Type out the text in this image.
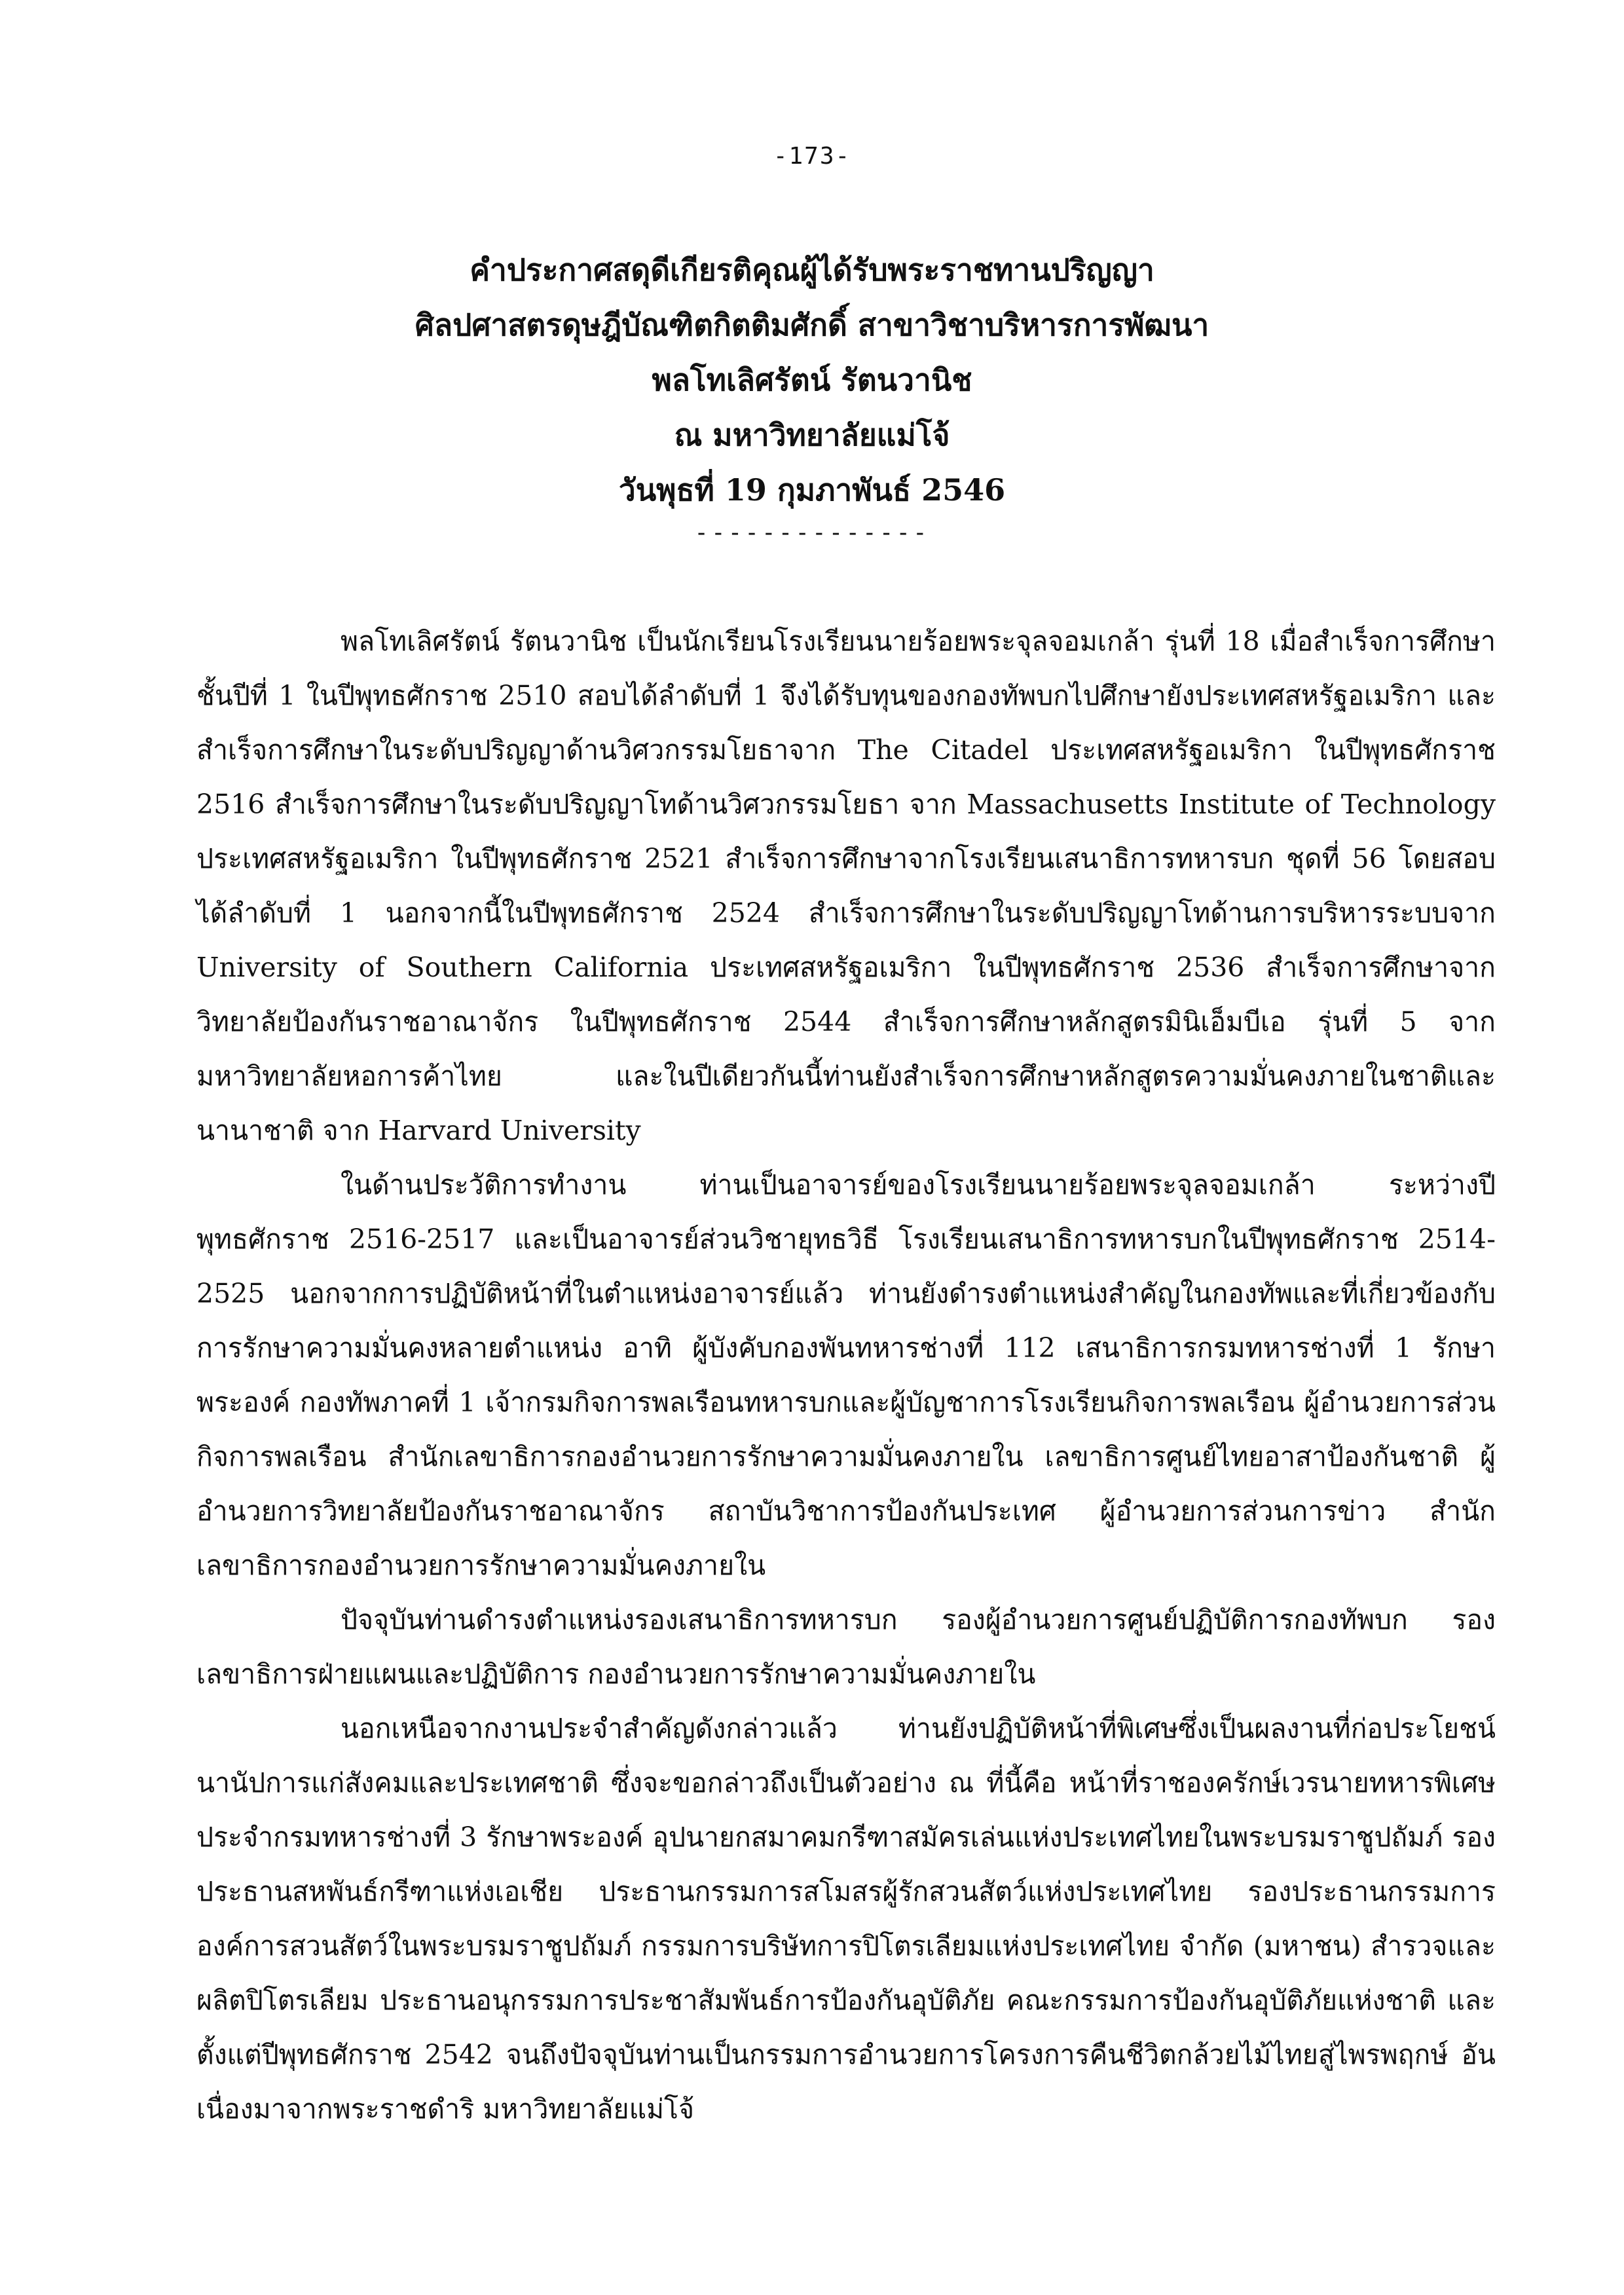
-173-
คำประกาศสดุดีเกียรติคุณผู้ได้รับพระราชทานปริญญา
ศิลปศาสตรดุษฎีบัณฑิตกิตติมศักดิ์ สาขาวิชาบริหารการพัฒนา
พลโทเลิศรัตน์ รัตนวานิช
ณ มหาวิทยาลัยแม่โจ้
วันพุธที่ 19 กุมภาพันธ์ 2546
--------------

พลโทเลิศรัตน์ รัตนวานิช เป็นนักเรียนโรงเรียนนายร้อยพระจุลจอมเกล้า รุ่นที่ 18 เมื่อสำเร็จการศึกษาชั้นปีที่ 1 ในปีพุทธศักราช 2510 สอบได้ลำดับที่ 1 จึงได้รับทุนของกองทัพบกไปศึกษายังประเทศสหรัฐอเมริกา และสำเร็จการศึกษาในระดับปริญญาด้านวิศวกรรมโยธาจาก The Citadel ประเทศสหรัฐอเมริกา ในปีพุทธศักราช 2516 สำเร็จการศึกษาในระดับปริญญาโทด้านวิศวกรรมโยธา จาก Massachusetts Institute of Technology ประเทศสหรัฐอเมริกา ในปีพุทธศักราช 2521 สำเร็จการศึกษาจากโรงเรียนเสนาธิการทหารบก ชุดที่ 56 โดยสอบได้ลำดับที่ 1 นอกจากนี้ในปีพุทธศักราช 2524 สำเร็จการศึกษาในระดับปริญญาโทด้านการบริหารระบบจาก University of Southern California ประเทศสหรัฐอเมริกา ในปีพุทธศักราช 2536 สำเร็จการศึกษาจากวิทยาลัยป้องกันราชอาณาจักร ในปีพุทธศักราช 2544 สำเร็จการศึกษาหลักสูตรมินิเอ็มบีเอ รุ่นที่ 5 จากมหาวิทยาลัยหอการค้าไทย และในปีเดียวกันนี้ท่านยังสำเร็จการศึกษาหลักสูตรความมั่นคงภายในชาติและนานาชาติ จาก Harvard University

ในด้านประวัติการทำงาน ท่านเป็นอาจารย์ของโรงเรียนนายร้อยพระจุลจอมเกล้า ระหว่างปีพุทธศักราช 2516-2517 และเป็นอาจารย์ส่วนวิชายุทธวิธี โรงเรียนเสนาธิการทหารบกในปีพุทธศักราช 2514-2525 นอกจากการปฏิบัติหน้าที่ในตำแหน่งอาจารย์แล้ว ท่านยังดำรงตำแหน่งสำคัญในกองทัพและที่เกี่ยวข้องกับการรักษาความมั่นคงหลายตำแหน่ง อาทิ ผู้บังคับกองพันทหารช่างที่ 112 เสนาธิการกรมทหารช่างที่ 1 รักษาพระองค์ กองทัพภาคที่ 1 เจ้ากรมกิจการพลเรือนทหารบกและผู้บัญชาการโรงเรียนกิจการพลเรือน ผู้อำนวยการส่วนกิจการพลเรือน สำนักเลขาธิการกองอำนวยการรักษาความมั่นคงภายใน เลขาธิการศูนย์ไทยอาสาป้องกันชาติ ผู้อำนวยการวิทยาลัยป้องกันราชอาณาจักร สถาบันวิชาการป้องกันประเทศ ผู้อำนวยการส่วนการข่าว สำนักเลขาธิการกองอำนวยการรักษาความมั่นคงภายใน

ปัจจุบันท่านดำรงตำแหน่งรองเสนาธิการทหารบก รองผู้อำนวยการศูนย์ปฏิบัติการกองทัพบก รองเลขาธิการฝ่ายแผนและปฏิบัติการ กองอำนวยการรักษาความมั่นคงภายใน

นอกเหนือจากงานประจำสำคัญดังกล่าวแล้ว ท่านยังปฏิบัติหน้าที่พิเศษซึ่งเป็นผลงานที่ก่อประโยชน์นานัปการแก่สังคมและประเทศชาติ ซึ่งจะขอกล่าวถึงเป็นตัวอย่าง ณ ที่นี้คือ หน้าที่ราชองครักษ์เวรนายทหารพิเศษประจำกรมทหารช่างที่ 3 รักษาพระองค์ อุปนายกสมาคมกรีฑาสมัครเล่นแห่งประเทศไทยในพระบรมราชูปถัมภ์ รองประธานสหพันธ์กรีฑาแห่งเอเชีย ประธานกรรมการสโมสรผู้รักสวนสัตว์แห่งประเทศไทย รองประธานกรรมการองค์การสวนสัตว์ในพระบรมราชูปถัมภ์ กรรมการบริษัทการปิโตรเลียมแห่งประเทศไทย จำกัด (มหาชน) สำรวจและผลิตปิโตรเลียม ประธานอนุกรรมการประชาสัมพันธ์การป้องกันอุบัติภัย คณะกรรมการป้องกันอุบัติภัยแห่งชาติ และตั้งแต่ปีพุทธศักราช 2542 จนถึงปัจจุบันท่านเป็นกรรมการอำนวยการโครงการคืนชีวิตกล้วยไม้ไทยสู่ไพรพฤกษ์ อันเนื่องมาจากพระราชดำริ มหาวิทยาลัยแม่โจ้
